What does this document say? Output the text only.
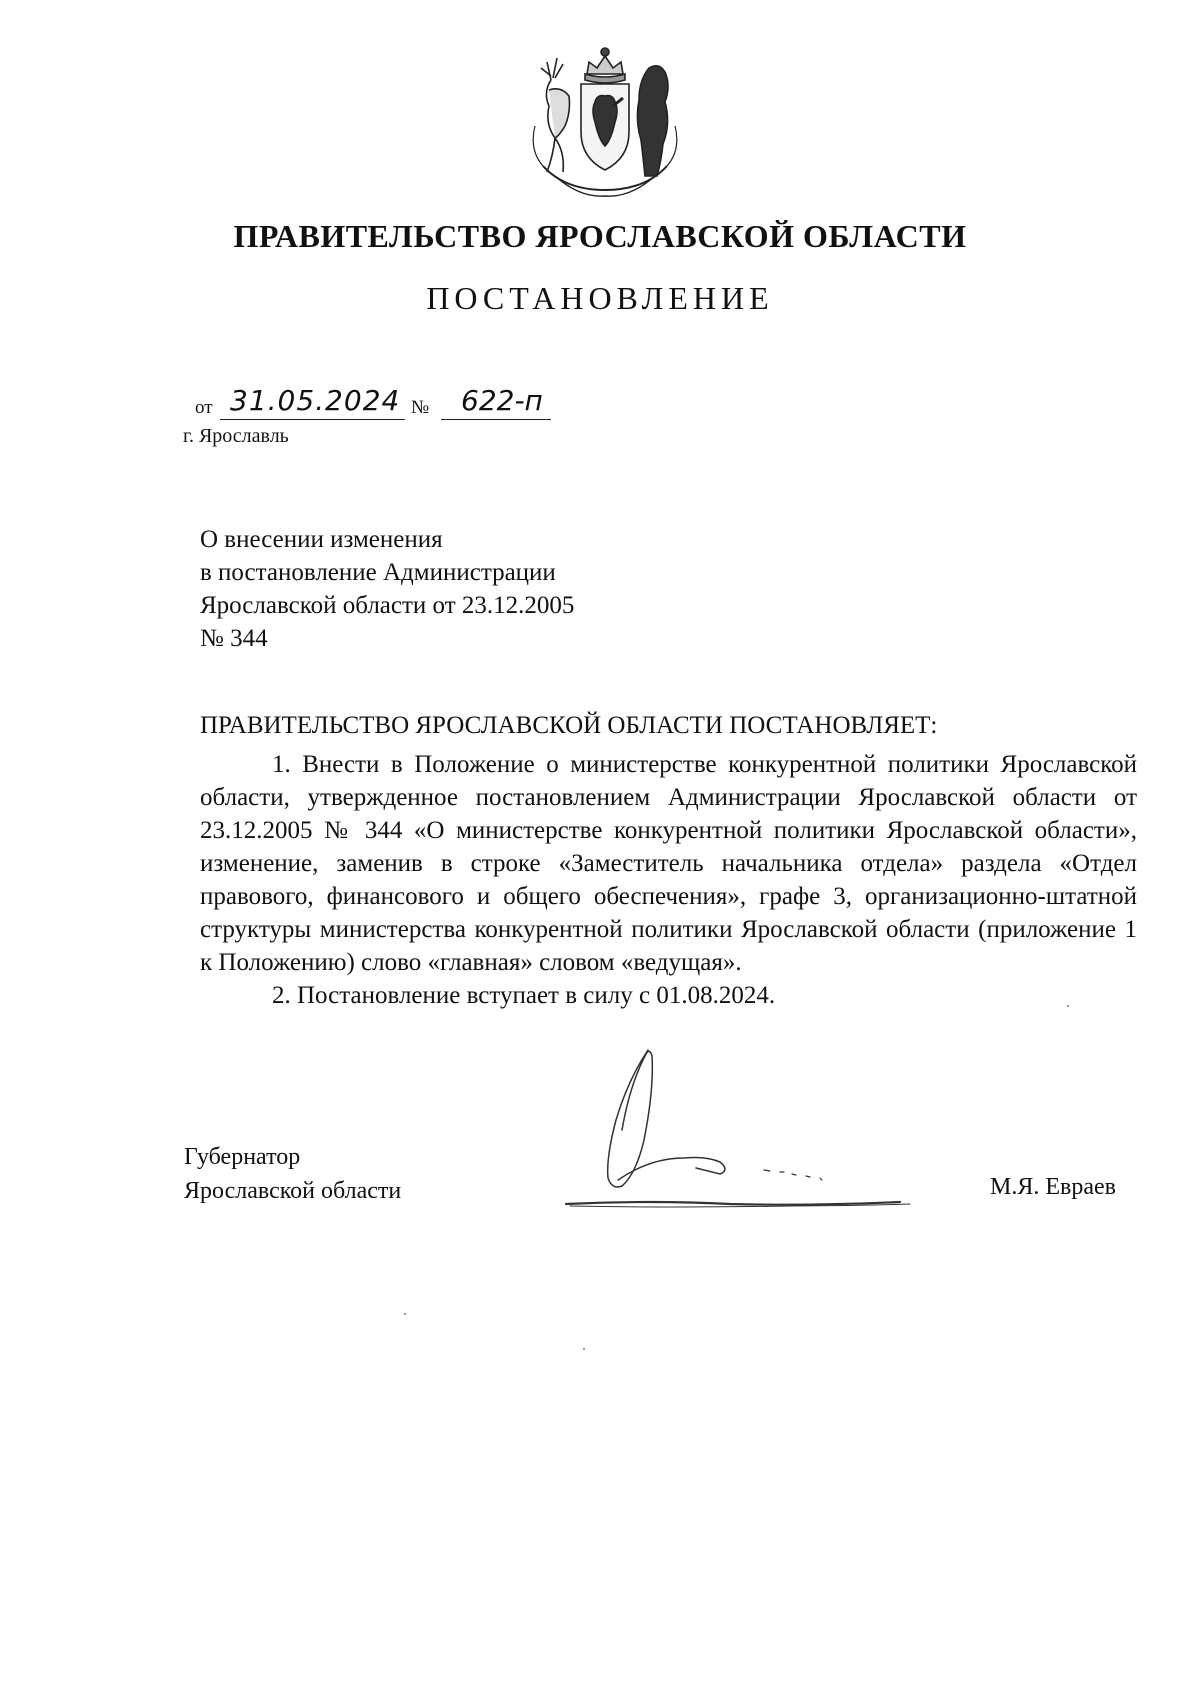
ПРАВИТЕЛЬСТВО ЯРОСЛАВСКОЙ ОБЛАСТИ
ПОСТАНОВЛЕНИЕ
от 31.05.2024 №	622-п
г. Ярославль
О внесении изменения
в постановление Администрации
Ярославской области от 23.12.2005
№ 344
ПРАВИТЕЛЬСТВО ЯРОСЛАВСКОЙ ОБЛАСТИ ПОСТАНОВЛЯЕТ:

1. Внести в Положение о министерстве конкурентной политики Ярославской области, утвержденное постановлением Администрации Ярославской области от 23.12.2005 № 344 «О министерстве конкурентной политики Ярославской области», изменение, заменив в строке «Заместитель начальника отдела» раздела «Отдел правового, финансового и общего обеспечения», графе 3, организационно-штатной структуры министерства конкурентной политики Ярославской области (приложение 1 к Положению) слово «главная» словом «ведущая».

2. Постановление вступает в силу с 01.08.2024.

Губернатор
Ярославской области	М.Я. Евраев
